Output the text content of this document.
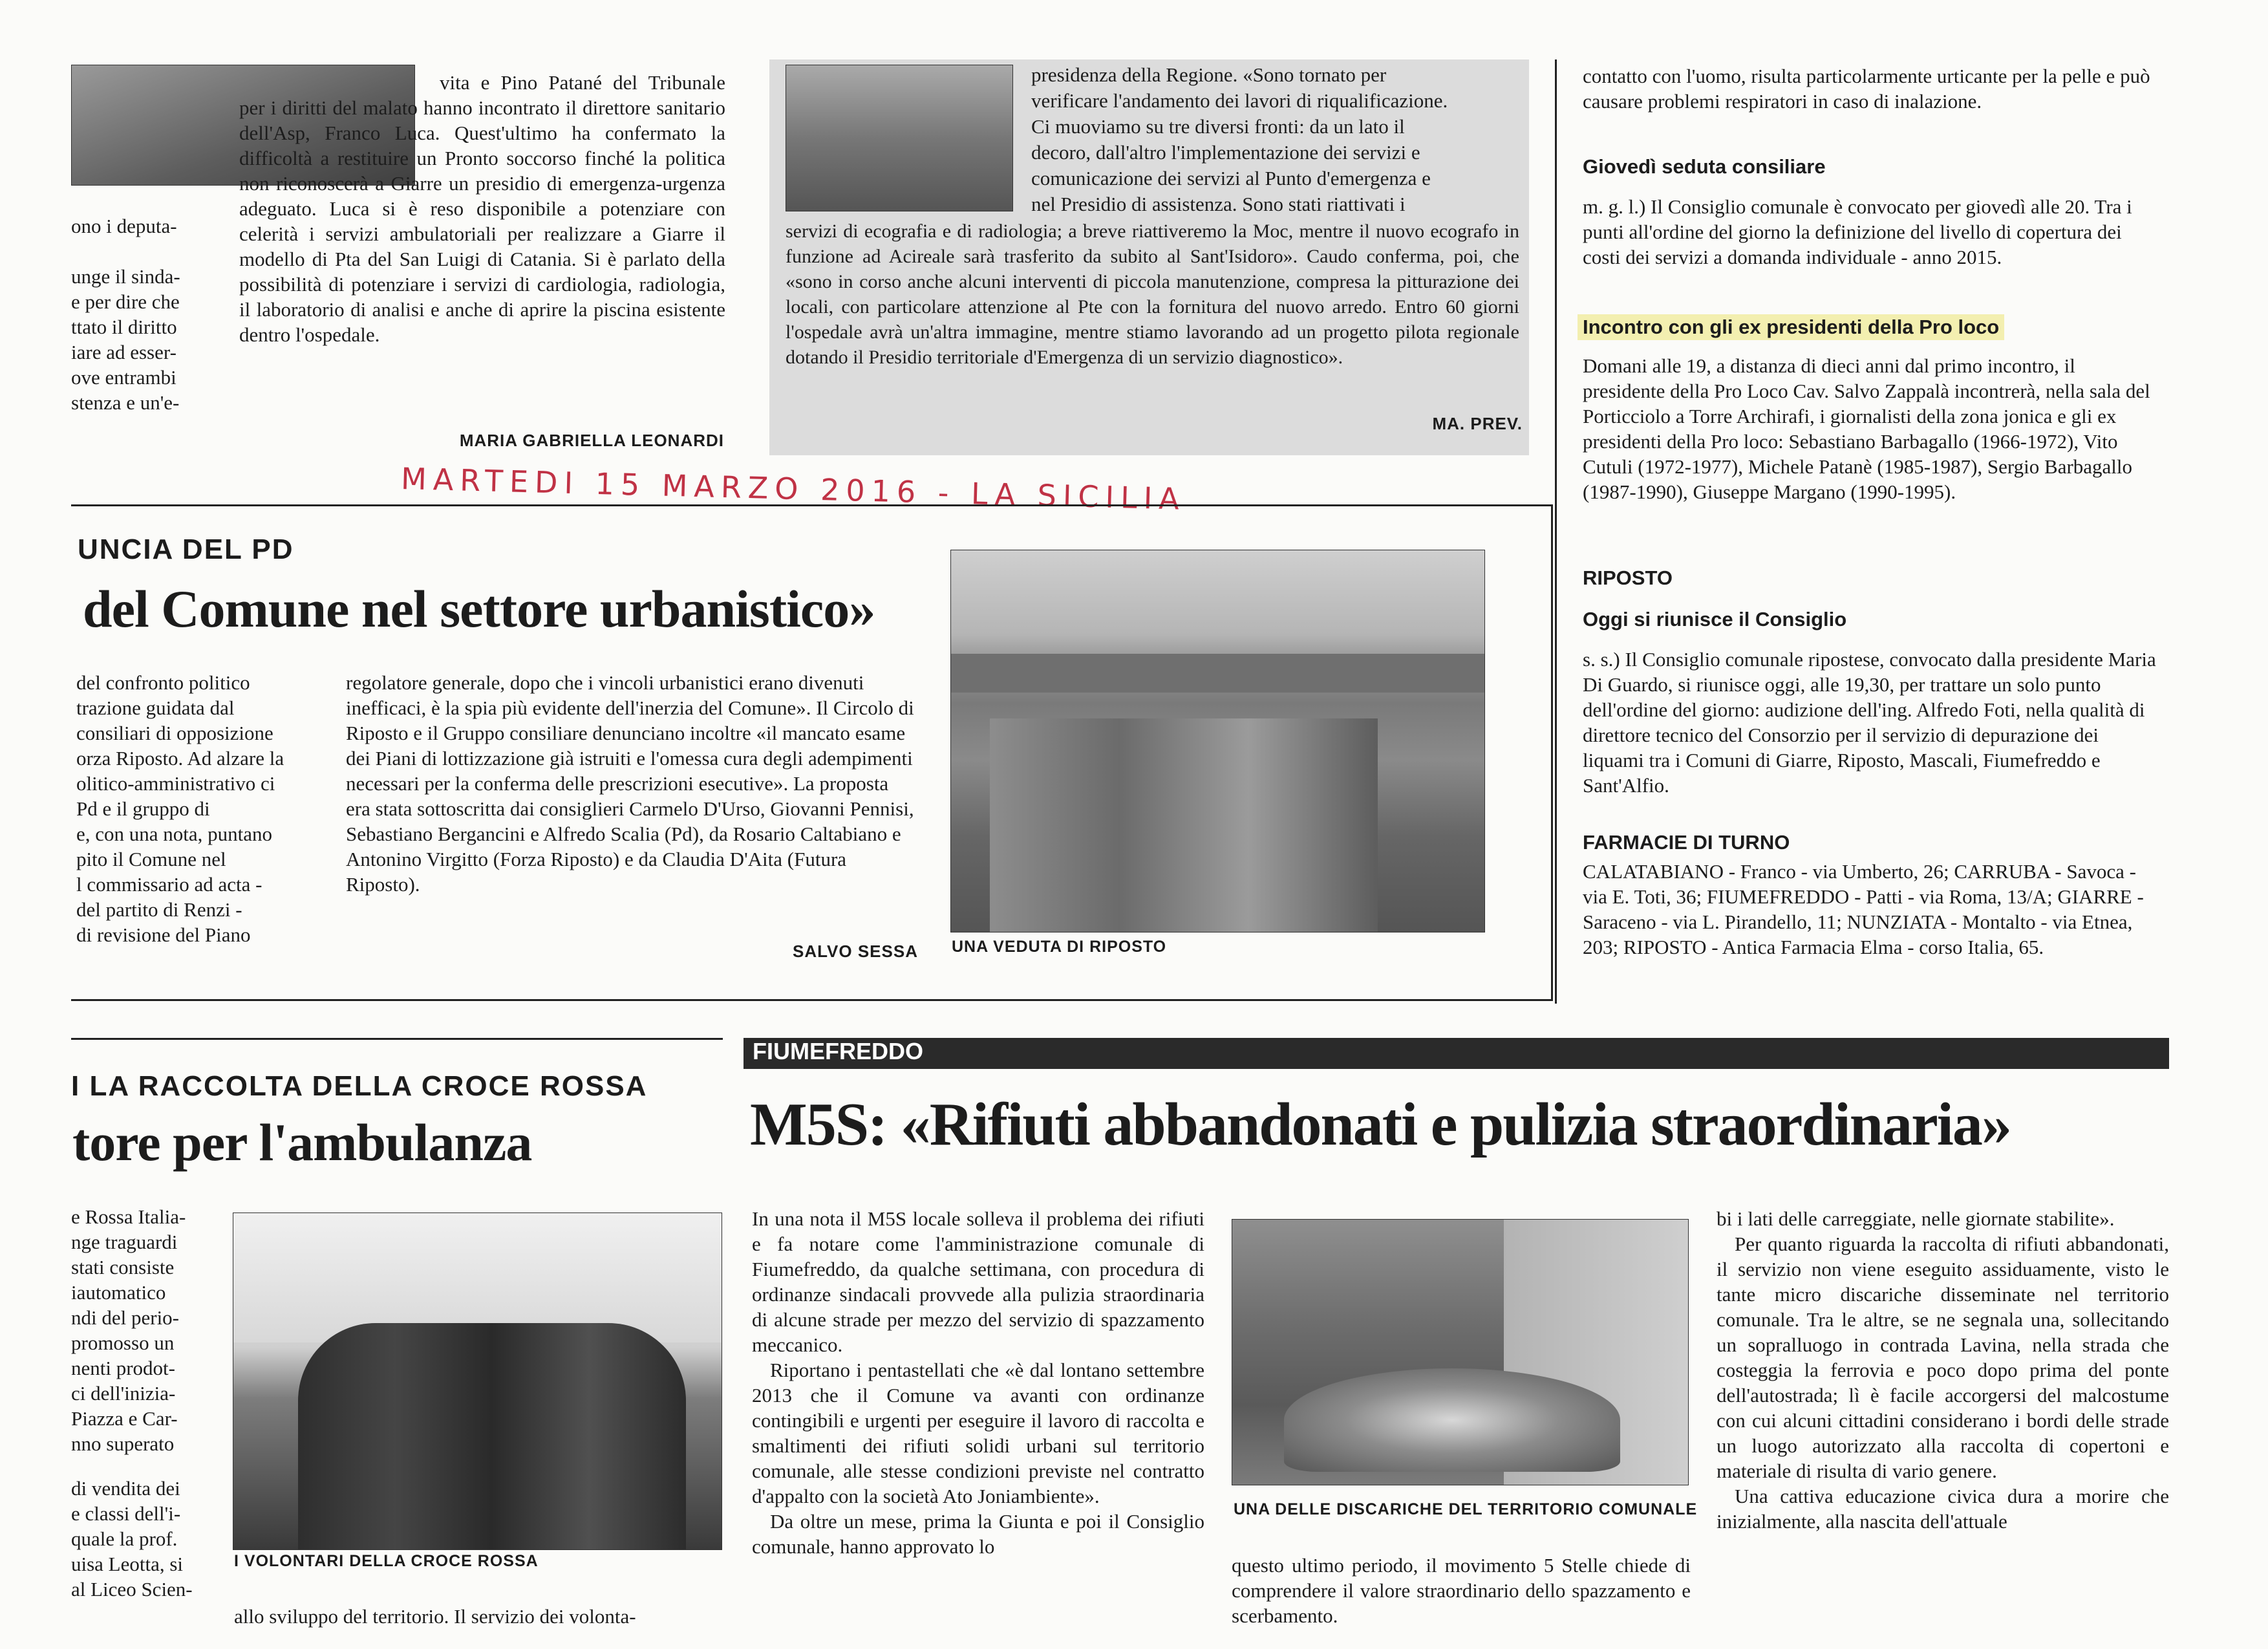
ono i deputa-
unge il sinda-
e per dire che
ttato il diritto
iare ad esser-
ove entrambi
stenza e un'e-

vita e Pino Patané del Tribunale per i diritti del malato hanno incontrato il direttore sanitario dell'Asp, Franco Luca. Quest'ultimo ha confermato la difficoltà a restituire un Pronto soccorso finché la politica non riconoscerà a Giarre un presidio di emergenza-urgenza adeguato. Luca si è reso disponibile a potenziare con celerità i servizi ambulatoriali per realizzare a Giarre il modello di Pta del San Luigi di Catania. Si è parlato della possibilità di potenziare i servizi di cardiologia, radiologia, il laboratorio di analisi e anche di aprire la piscina esistente dentro l'ospedale.

MARIA GABRIELLA LEONARDI
presidenza della Regione. «Sono tornato per
verificare l'andamento dei lavori di riqualificazione.
Ci muoviamo su tre diversi fronti: da un lato il
decoro, dall'altro l'implementazione dei servizi e
comunicazione dei servizi al Punto d'emergenza e
nel Presidio di assistenza. Sono stati riattivati i

servizi di ecografia e di radiologia; a breve riattiveremo la Moc, mentre il nuovo ecografo in funzione ad Acireale sarà trasferito da subito al Sant'Isidoro». Caudo conferma, poi, che «sono in corso anche alcuni interventi di piccola manutenzione, compresa la pitturazione dei locali, con particolare attenzione al Pte con la fornitura del nuovo arredo. Entro 60 giorni l'ospedale avrà un'altra immagine, mentre stiamo lavorando ad un progetto pilota regionale dotando il Presidio territoriale d'Emergenza di un servizio diagnostico».

MA. PREV.
MARTEDI 15 MARZO 2016 - LA SICILIA

contatto con l'uomo, risulta particolarmente urticante per la pelle e può causare problemi respiratori in caso di inalazione.

Giovedì seduta consiliare

m. g. l.) Il Consiglio comunale è convocato per giovedì alle 20. Tra i punti all'ordine del giorno la definizione del livello di copertura dei costi dei servizi a domanda individuale - anno 2015.

Incontro con gli ex presidenti della Pro loco

Domani alle 19, a distanza di dieci anni dal primo incontro, il presidente della Pro Loco Cav. Salvo Zappalà incontrerà, nella sala del Porticciolo a Torre Archirafi, i giornalisti della zona jonica e gli ex presidenti della Pro loco: Sebastiano Barbagallo (1966-1972), Vito Cutuli (1972-1977), Michele Patanè (1985-1987), Sergio Barbagallo (1987-1990), Giuseppe Margano (1990-1995).

RIPOSTO
Oggi si riunisce il Consiglio

s. s.) Il Consiglio comunale ripostese, convocato dalla presidente Maria Di Guardo, si riunisce oggi, alle 19,30, per trattare un solo punto dell'ordine del giorno: audizione dell'ing. Alfredo Foti, nella qualità di direttore tecnico del Consorzio per il servizio di depurazione dei liquami tra i Comuni di Giarre, Riposto, Mascali, Fiumefreddo e Sant'Alfio.

FARMACIE DI TURNO

CALATABIANO - Franco - via Umberto, 26; CARRUBA - Savoca - via E. Toti, 36; FIUMEFREDDO - Patti - via Roma, 13/A; GIARRE - Saraceno - via L. Pirandello, 11; NUNZIATA - Montalto - via Etnea, 203; RIPOSTO - Antica Farmacia Elma - corso Italia, 65.

UNCIA DEL PD
del Comune nel settore urbanistico»
del confronto politico
trazione guidata dal
consiliari di opposizione
orza Riposto. Ad alzare la
olitico-amministrativo ci
Pd e il gruppo di
e, con una nota, puntano
pito il Comune nel
l commissario ad acta -
del partito di Renzi -
di revisione del Piano

regolatore generale, dopo che i vincoli urbanistici erano divenuti inefficaci, è la spia più evidente dell'inerzia del Comune». Il Circolo di Riposto e il Gruppo consiliare denunciano incoltre «il mancato esame dei Piani di lottizzazione già istruiti e l'omessa cura degli adempimenti necessari per la conferma delle prescrizioni esecutive». La proposta era stata sottoscritta dai consiglieri Carmelo D'Urso, Giovanni Pennisi, Sebastiano Bergancini e Alfredo Scalia (Pd), da Rosario Caltabiano e Antonino Virgitto (Forza Riposto) e da Claudia D'Aita (Futura Riposto).

SALVO SESSA UNA VEDUTA DI RIPOSTO
I LA RACCOLTA DELLA CROCE ROSSA
tore per l'ambulanza
e Rossa Italia-
nge traguardi
stati consiste
iautomatico
ndi del perio-
promosso un
nenti prodot-
ci dell'inizia-
Piazza e Car-
nno superato
di vendita dei
e classi dell'i-
quale la prof.
uisa Leotta, si
al Liceo Scien-
I VOLONTARI DELLA CROCE ROSSA
allo sviluppo del territorio. Il servizio dei volonta-
FIUMEFREDDO
M5S: «Rifiuti abbandonati e pulizia straordinaria»

In una nota il M5S locale solleva il problema dei rifiuti e fa notare come l'amministrazione comunale di Fiumefreddo, da qualche settimana, con procedura di ordinanze sindacali provvede alla pulizia straordinaria di alcune strade per mezzo del servizio di spazzamento meccanico.

Riportano i pentastellati che «è dal lontano settembre 2013 che il Comune va avanti con ordinanze contingibili e urgenti per eseguire il lavoro di raccolta e smaltimenti dei rifiuti solidi urbani sul territorio comunale, alle stesse condizioni previste nel contratto d'appalto con la società Ato Joniambiente».

Da oltre un mese, prima la Giunta e poi il Consiglio comunale, hanno approvato lo

UNA DELLE DISCARICHE DEL TERRITORIO COMUNALE

questo ultimo periodo, il movimento 5 Stelle chiede di comprendere il valore straordinario dello spazzamento e scerbamento.

bi i lati delle carreggiate, nelle giornate stabilite».

Per quanto riguarda la raccolta di rifiuti abbandonati, il servizio non viene eseguito assiduamente, visto le tante micro discariche disseminate nel territorio comunale. Tra le altre, se ne segnala una, sollecitando un sopralluogo in contrada Lavina, nella strada che costeggia la ferrovia e poco dopo prima del ponte dell'autostrada; lì è facile accorgersi del malcostume con cui alcuni cittadini considerano i bordi delle strade un luogo autorizzato alla raccolta di copertoni e materiale di risulta di vario genere.

Una cattiva educazione civica dura a morire che inizialmente, alla nascita dell'attuale
